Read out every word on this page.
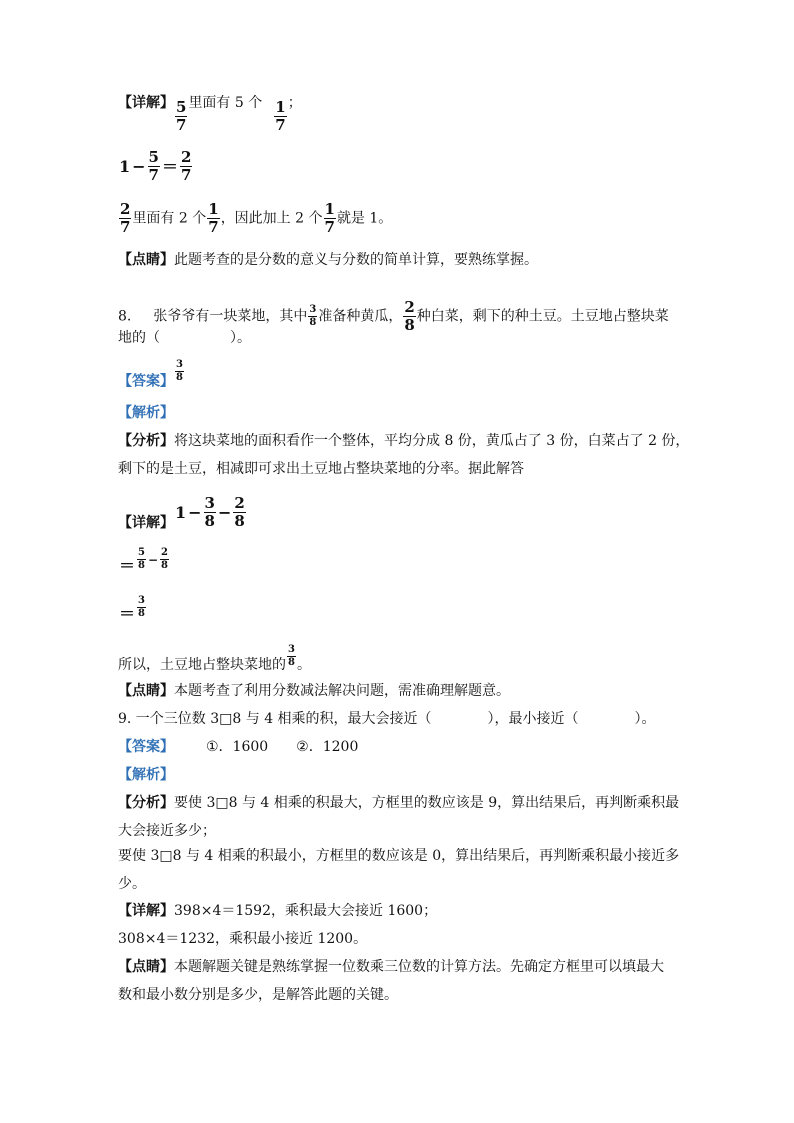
【详解】 $\frac{5}{7}$ 里面有 5 个 $\frac{1}{7}$ ；
$1 - \frac{5}{7} = \frac{2}{7}$
$\frac{2}{7}$ 里面有 2 个 $\frac{1}{7}$ ，因此加上 2 个 $\frac{1}{7}$ 就是 1。
【点睛】此题考查的是分数的意义与分数的简单计算，要熟练掌握。
8. 张爷爷有一块菜地，其中 $\frac{3}{8}$ 准备种黄瓜， $\frac{2}{8}$ 种白菜，剩下的种土豆。土豆地占整块菜
地的（　　　　　）。
【答案】 $\frac{3}{8}$
【解析】
【分析】将这块菜地的面积看作一个整体，平均分成 8 份，黄瓜占了 3 份，白菜占了 2 份，
剩下的是土豆，相减即可求出土豆地占整块菜地的分率。据此解答
【详解】$1 - \frac{3}{8} - \frac{2}{8}$
＝ $\frac{5}{8} - \frac{2}{8}$
＝ $\frac{3}{8}$
所以，土豆地占整块菜地的 $\frac{3}{8}$ 。
【点睛】本题考查了利用分数减法解决问题，需准确理解题意。
9. 一个三位数 3□8 与 4 相乘的积，最大会接近（　　　　），最小接近（　　　　）。
【答案】 ①．1600　　②．1200
【解析】
【分析】要使 3□8 与 4 相乘的积最大，方框里的数应该是 9，算出结果后，再判断乘积最
大会接近多少；
要使 3□8 与 4 相乘的积最小，方框里的数应该是 0，算出结果后，再判断乘积最小接近多
少。
【详解】398×4＝1592，乘积最大会接近 1600；
308×4＝1232，乘积最小接近 1200。
【点睛】本题解题关键是熟练掌握一位数乘三位数的计算方法。先确定方框里可以填最大
数和最小数分别是多少，是解答此题的关键。
